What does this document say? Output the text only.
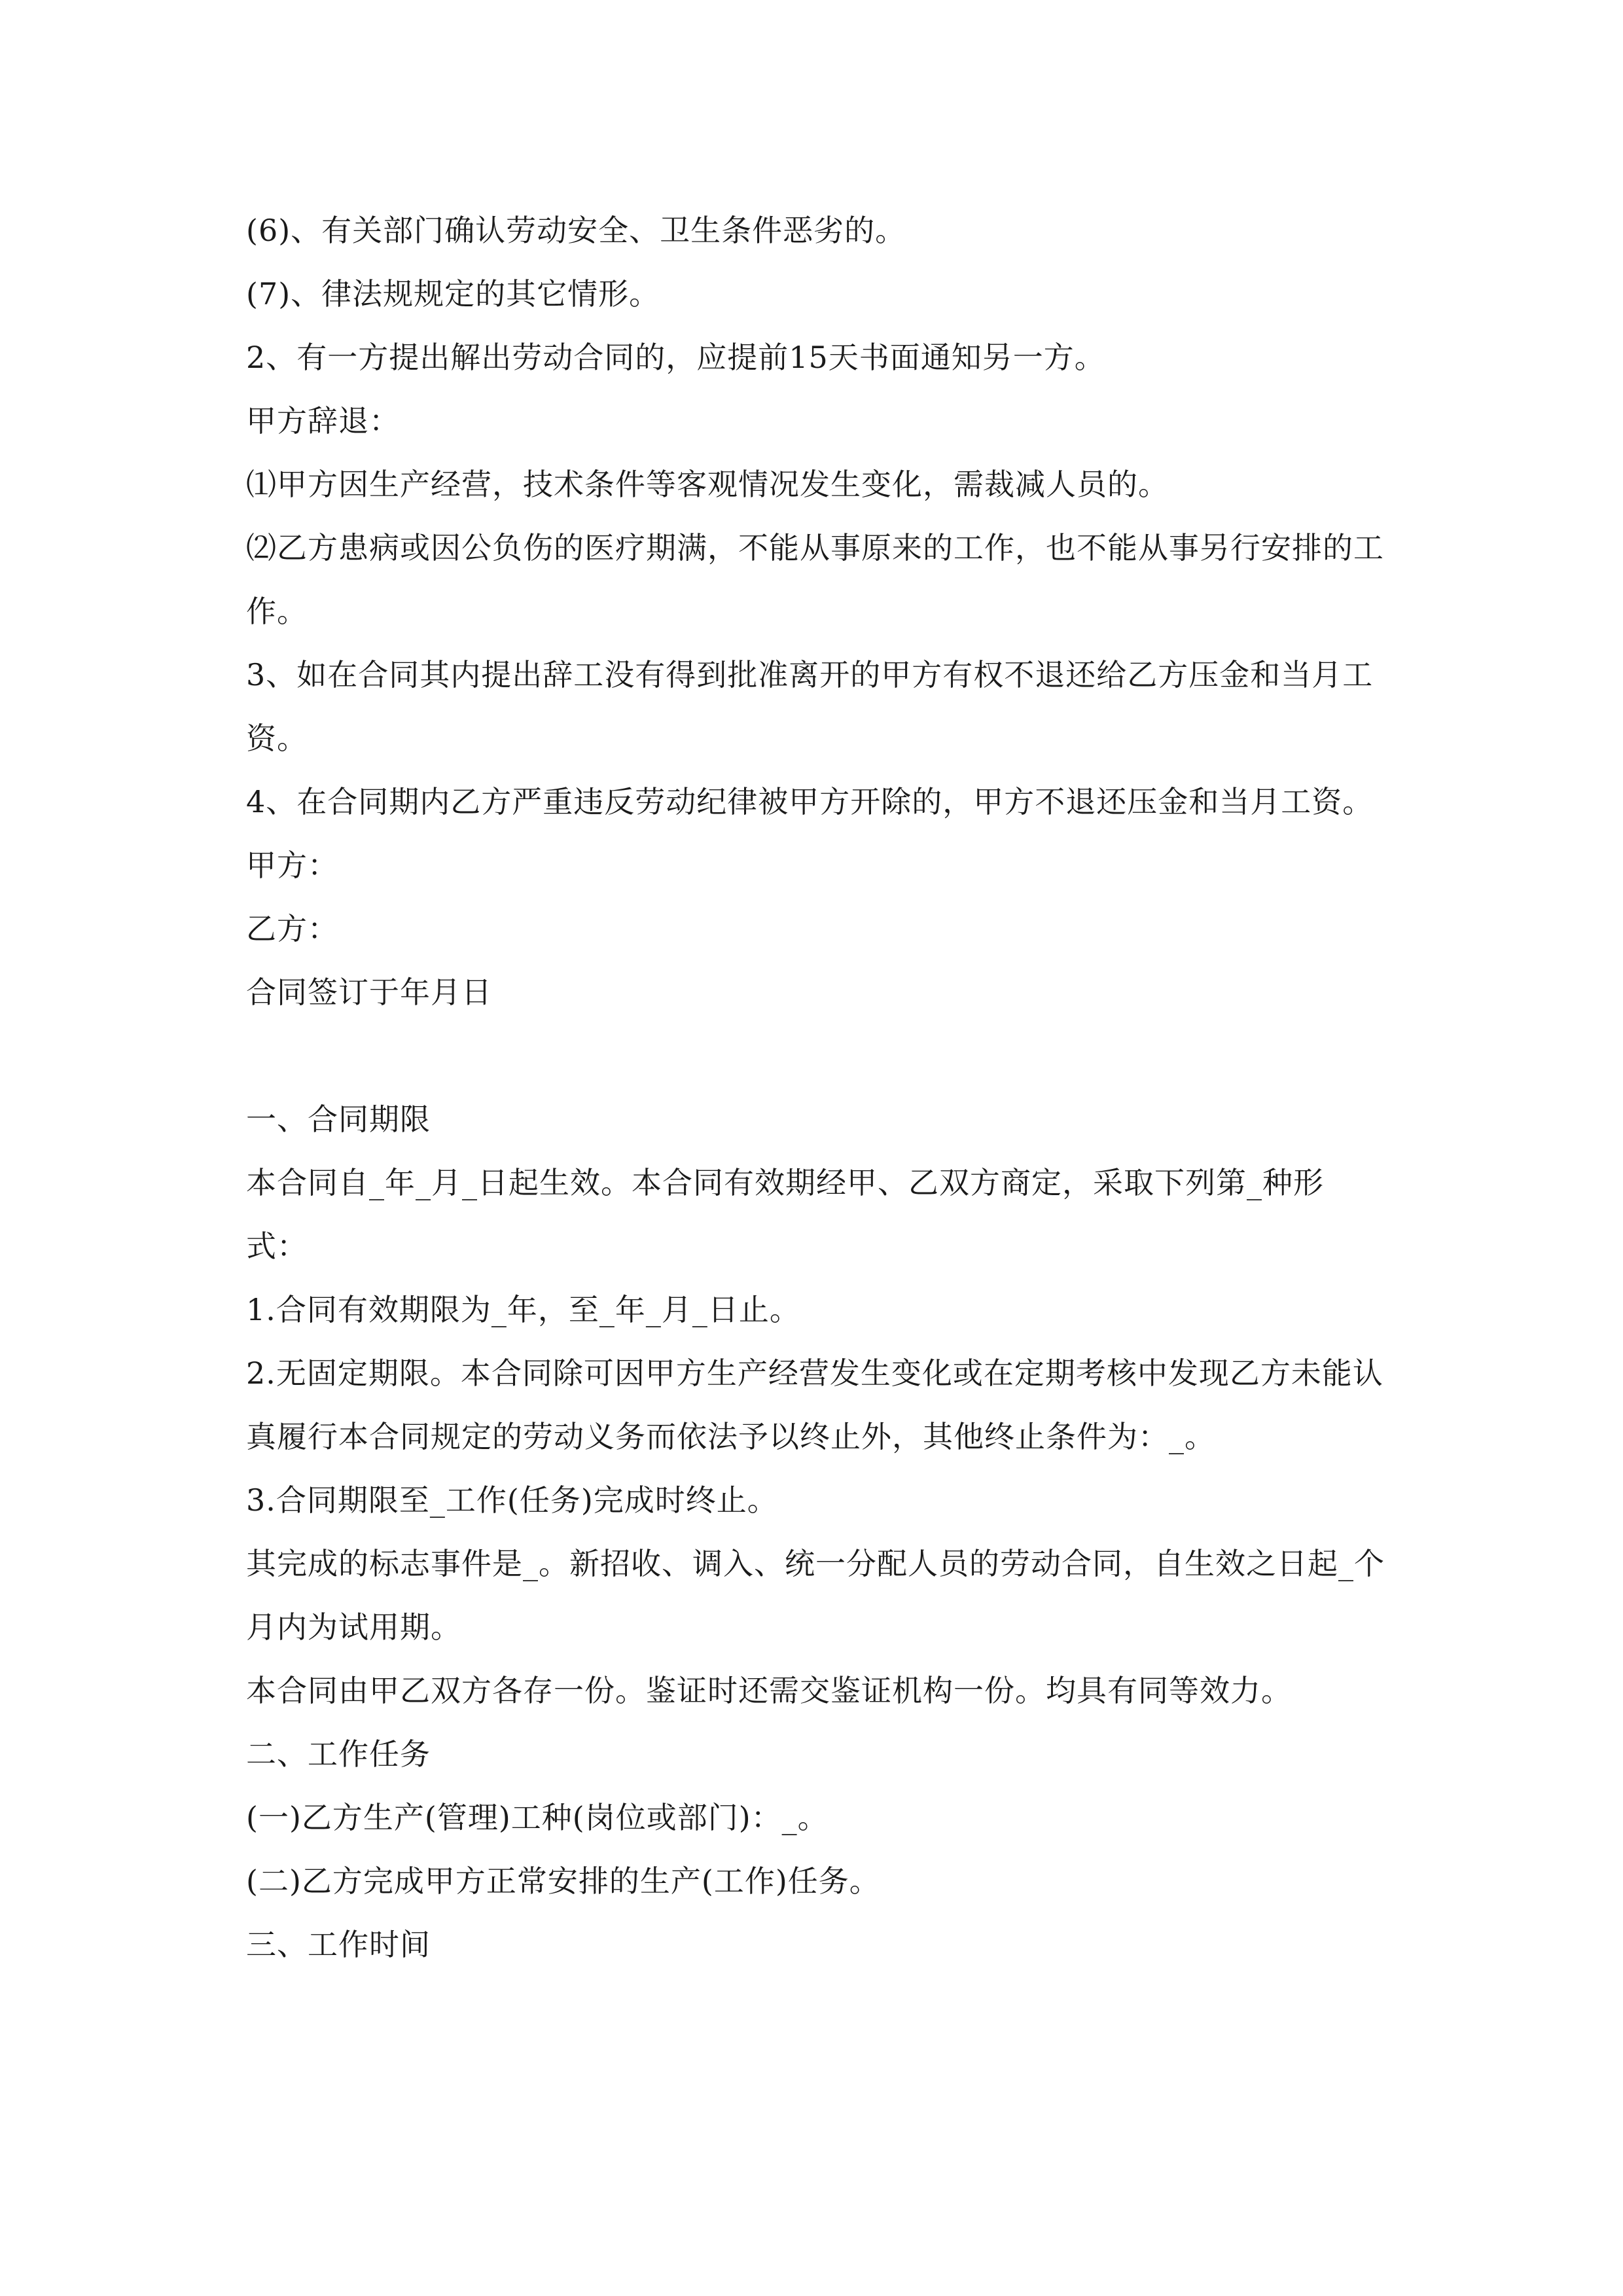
(6)、有关部门确认劳动安全、卫生条件恶劣的。

(7)、律法规规定的其它情形。

2、有一方提出解出劳动合同的，应提前15天书面通知另一方。

甲方辞退：

⑴甲方因生产经营，技术条件等客观情况发生变化，需裁减人员的。

⑵乙方患病或因公负伤的医疗期满，不能从事原来的工作，也不能从事另行安排的工作。

3、如在合同其内提出辞工没有得到批准离开的甲方有权不退还给乙方压金和当月工资。

4、在合同期内乙方严重违反劳动纪律被甲方开除的，甲方不退还压金和当月工资。

甲方：

乙方：

合同签订于年月日

一、合同期限

本合同自_年_月_日起生效。本合同有效期经甲、乙双方商定，采取下列第_种形式：

1.合同有效期限为_年，至_年_月_日止。

2.无固定期限。本合同除可因甲方生产经营发生变化或在定期考核中发现乙方未能认真履行本合同规定的劳动义务而依法予以终止外，其他终止条件为：_。

3.合同期限至_工作(任务)完成时终止。

其完成的标志事件是_。新招收、调入、统一分配人员的劳动合同，自生效之日起_个月内为试用期。

本合同由甲乙双方各存一份。鉴证时还需交鉴证机构一份。均具有同等效力。

二、工作任务

(一)乙方生产(管理)工种(岗位或部门)：_。

(二)乙方完成甲方正常安排的生产(工作)任务。

三、工作时间
